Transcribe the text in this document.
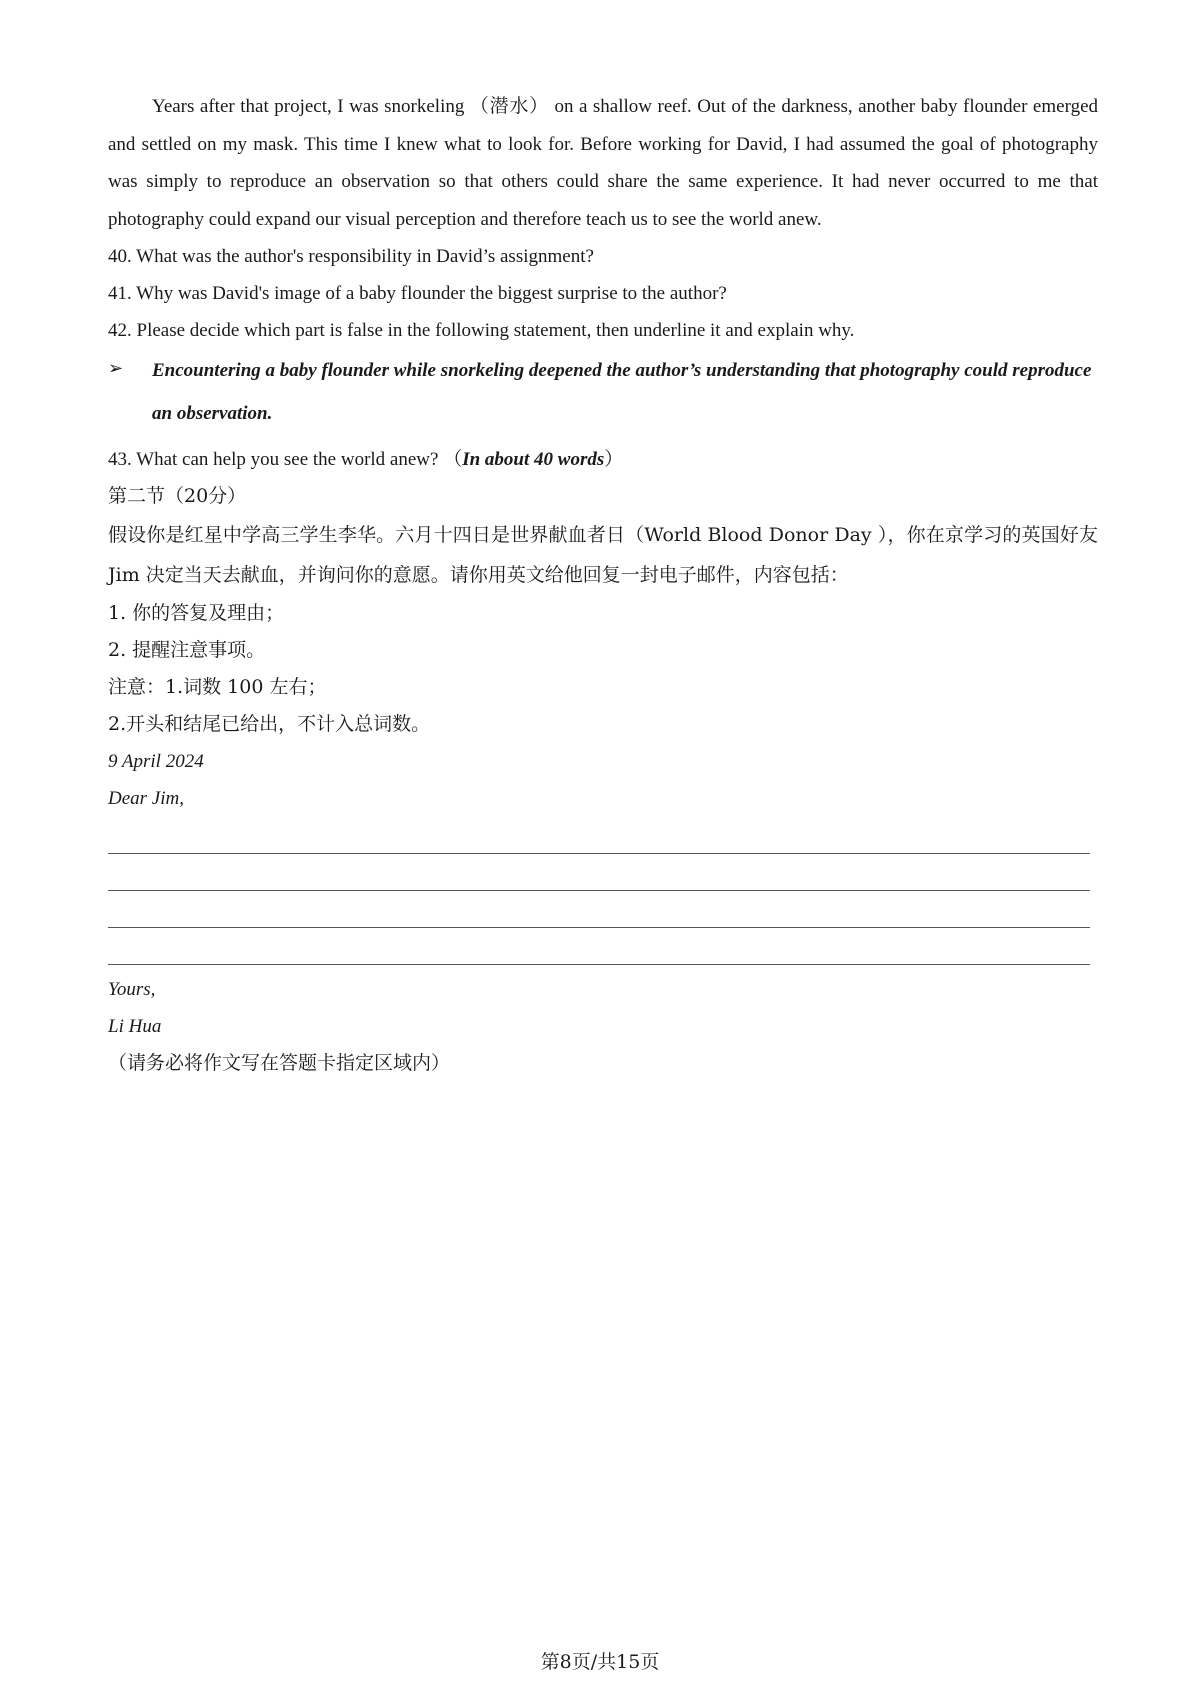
Years after that project, I was snorkeling （潜水） on a shallow reef. Out of the darkness, another baby flounder emerged and settled on my mask. This time I knew what to look for. Before working for David, I had assumed the goal of photography was simply to reproduce an observation so that others could share the same experience. It had never occurred to me that photography could expand our visual perception and therefore teach us to see the world anew.

40. What was the author's responsibility in David’s assignment?

41. Why was David's image of a baby flounder the biggest surprise to the author?

42. Please decide which part is false in the following statement, then underline it and explain why.

➢	Encountering a baby flounder while snorkeling deepened the author’s understanding that photography could reproduce an observation.

43. What can help you see the world anew? （In about 40 words）

第二节（20分）

假设你是红星中学高三学生李华。六月十四日是世界献血者日（World Blood Donor Day ），你在京学习的英国好友 Jim 决定当天去献血，并询问你的意愿。请你用英文给他回复一封电子邮件，内容包括：

1. 你的答复及理由；

2. 提醒注意事项。

注意：1.词数 100 左右；

2.开头和结尾已给出，不计入总词数。

9 April 2024

Dear Jim,

Yours,

Li Hua

（请务必将作文写在答题卡指定区域内）

第8页/共15页
